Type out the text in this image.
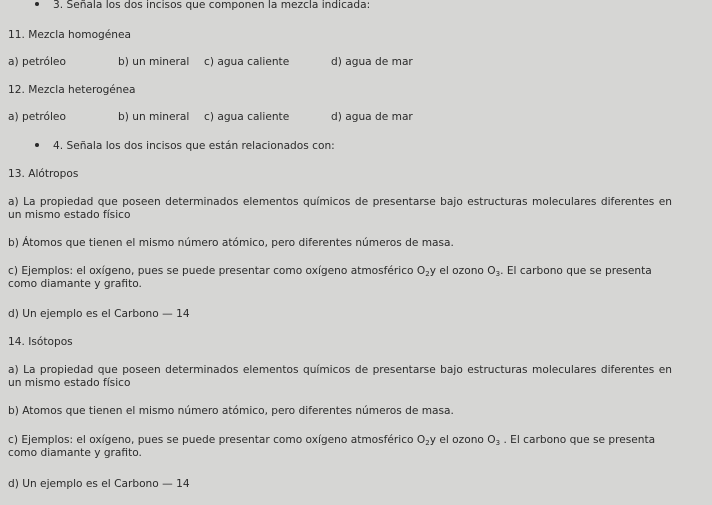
3. Señala los dos incisos que componen la mezcla indicada:
11. Mezcla homogénea
a) petróleo	b) un mineral c) agua caliente	d) agua de mar
12. Mezcla heterogénea
a) petróleo	b) un mineral c) agua caliente	d) agua de mar
4. Señala los dos incisos que están relacionados con:
13. Alótropos
a) La propiedad que poseen determinados elementos químicos de presentarse bajo estructuras moleculares diferentes en un mismo estado físico
b) Átomos que tienen el mismo número atómico, pero diferentes números de masa.
c) Ejemplos: el oxígeno, pues se puede presentar como oxígeno atmosférico $O_2y$ el ozono $O_3$. El carbono que se presenta como diamante y grafito.
d) Un ejemplo es el Carbono — 14
14. Isótopos
a) La propiedad que poseen determinados elementos químicos de presentarse bajo estructuras moleculares diferentes en un mismo estado físico
b) Atomos que tienen el mismo número atómico, pero diferentes números de masa.
c) Ejemplos: el oxígeno, pues se puede presentar como oxígeno atmosférico $O_2y$ el ozono $O_3$ . El carbono que se presenta como diamante y grafito.
d) Un ejemplo es el Carbono — 14
